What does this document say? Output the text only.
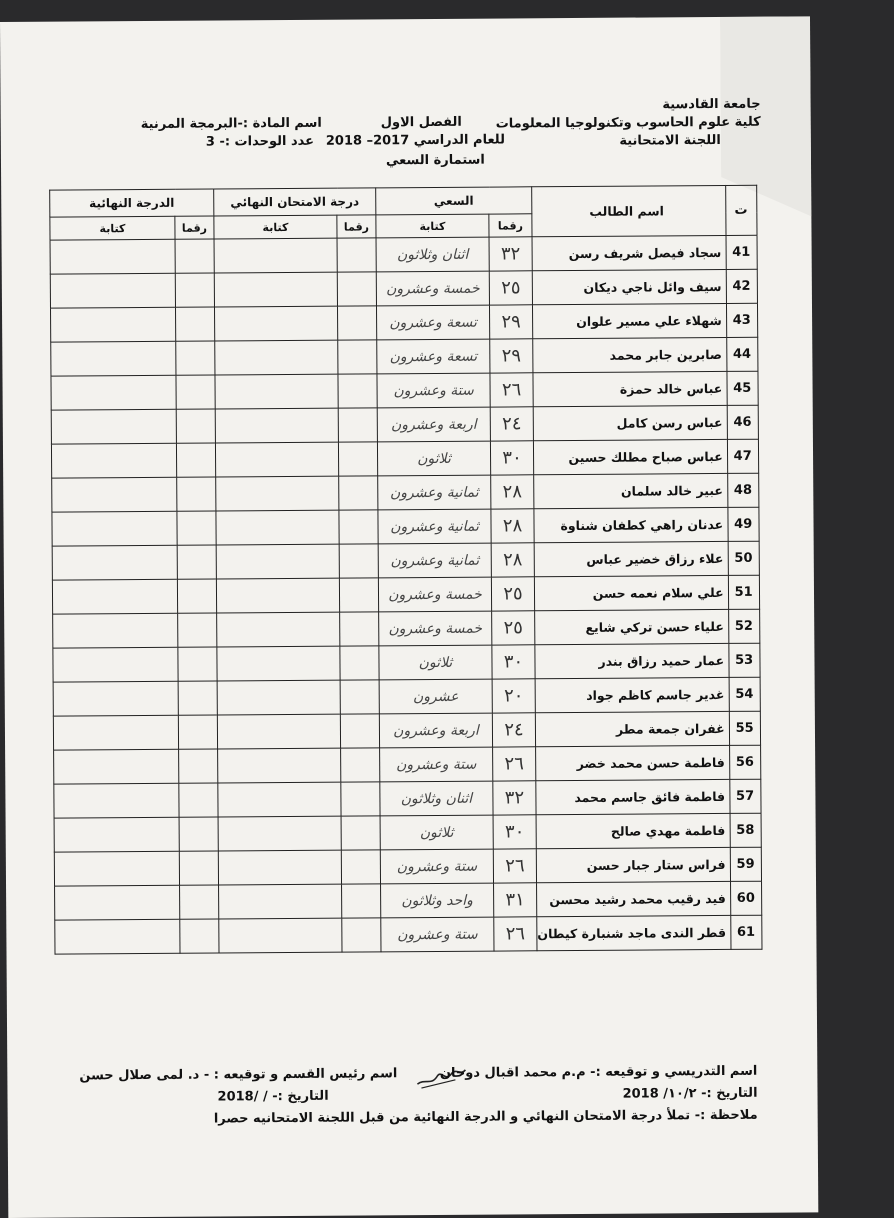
جامعة القادسية
كلية علوم الحاسوب وتكنولوجيا المعلومات
اللجنة الامتحانية
الفصل الاول
للعام الدراسي 2017– 2018
استمارة السعي
اسم المادة :-البرمجة المرنية
عدد الوحدات :- 3
ت	اسم الطالب	السعي		درجة الامتحان النهائي		الدرجة النهائية	
		رقما	كتابة	رقما	كتابة	رقما	كتابة
41	سجاد فيصل شريف رسن	٣٢	اثنان وثلاثون				
42	سيف وائل ناجي ديكان	٢٥	خمسة وعشرون				
43	شهلاء علي مسير علوان	٢٩	تسعة وعشرون				
44	صابرين جابر محمد	٢٩	تسعة وعشرون				
45	عباس خالد حمزة	٢٦	ستة وعشرون				
46	عباس رسن كامل	٢٤	اربعة وعشرون				
47	عباس صباح مطلك حسين	٣٠	ثلاثون				
48	عبير خالد سلمان	٢٨	ثمانية وعشرون				
49	عدنان راهي كطفان شناوة	٢٨	ثمانية وعشرون				
50	علاء رزاق خضير عباس	٢٨	ثمانية وعشرون				
51	علي سلام نعمه حسن	٢٥	خمسة وعشرون				
52	علياء حسن تركي شايع	٢٥	خمسة وعشرون				
53	عمار حميد رزاق بندر	٣٠	ثلاثون				
54	غدير جاسم كاظم جواد	٢٠	عشرون				
55	غفران جمعة مطر	٢٤	اربعة وعشرون				
56	فاطمة حسن محمد خضر	٢٦	ستة وعشرون				
57	فاطمة فائق جاسم محمد	٣٢	اثنان وثلاثون				
58	فاطمة مهدي صالح	٣٠	ثلاثون				
59	فراس ستار جبار حسن	٢٦	ستة وعشرون				
60	فيد رقيب محمد رشيد محسن	٣١	واحد وثلاثون				
61	قطر الندى ماجد شنبارة كيطان	٢٦	ستة وعشرون				
اسم التدريسي و توقيعه :- م.م محمد اقبال دوحان
التاريخ :- ١٠/٢/ 2018
اسم رئيس القسم و توقيعه : - د. لمى صلال حسن
التاريخ :- / /2018
ملاحظة :- تملأ درجة الامتحان النهائي و الدرجة النهائية من قبل اللجنة الامتحانيه حصرا
